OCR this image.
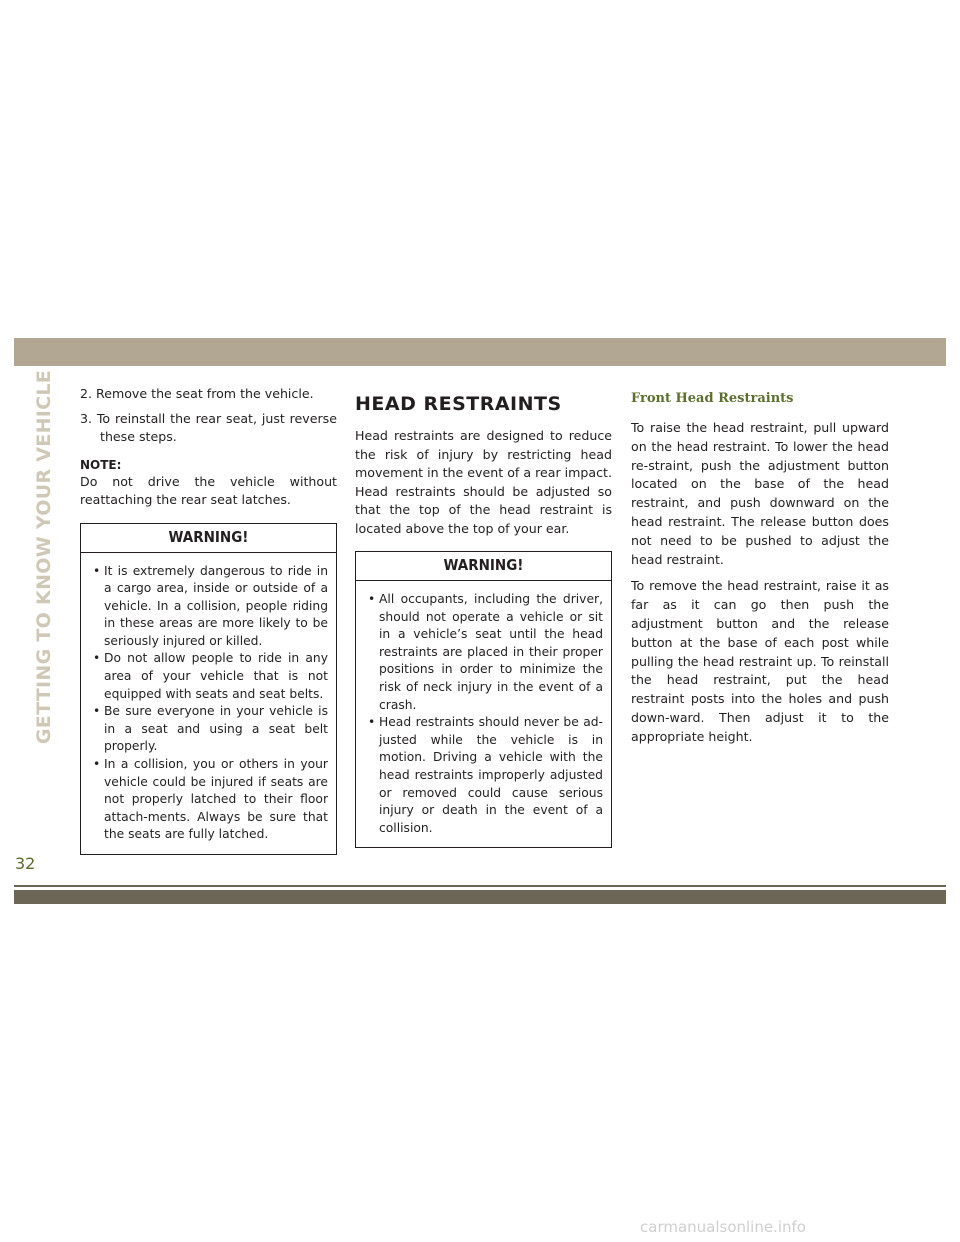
GETTING TO KNOW YOUR VEHICLE 2. Remove the seat from the vehicle.
3. To reinstall the rear seat, just reverse these steps.
NOTE:

Do not drive the vehicle without reattaching the rear seat latches.

WARNING!
• It is extremely dangerous to ride in a cargo area, inside or outside of a vehicle. In a collision, people riding in these areas are more likely to be seriously injured or killed.
• Do not allow people to ride in any area of your vehicle that is not equipped with seats and seat belts.
• Be sure everyone in your vehicle is in a seat and using a seat belt properly.
• In a collision, you or others in your vehicle could be injured if seats are not properly latched to their floor attach-ments. Always be sure that the seats are fully latched.
HEAD RESTRAINTS

Head restraints are designed to reduce the risk of injury by restricting head movement in the event of a rear impact. Head restraints should be adjusted so that the top of the head restraint is located above the top of your ear.

WARNING!
• All occupants, including the driver, should not operate a vehicle or sit in a vehicle’s seat until the head restraints are placed in their proper positions in order to minimize the risk of neck injury in the event of a crash.
• Head restraints should never be ad-justed while the vehicle is in motion. Driving a vehicle with the head restraints improperly adjusted or removed could cause serious injury or death in the event of a collision.
Front Head Restraints

To raise the head restraint, pull upward on the head restraint. To lower the head re-straint, push the adjustment button located on the base of the head restraint, and push downward on the head restraint. The release button does not need to be pushed to adjust the head restraint.

To remove the head restraint, raise it as far as it can go then push the adjustment button and the release button at the base of each post while pulling the head restraint up. To reinstall the head restraint, put the head restraint posts into the holes and push down-ward. Then adjust it to the appropriate height.

32
carmanualsonline.info
